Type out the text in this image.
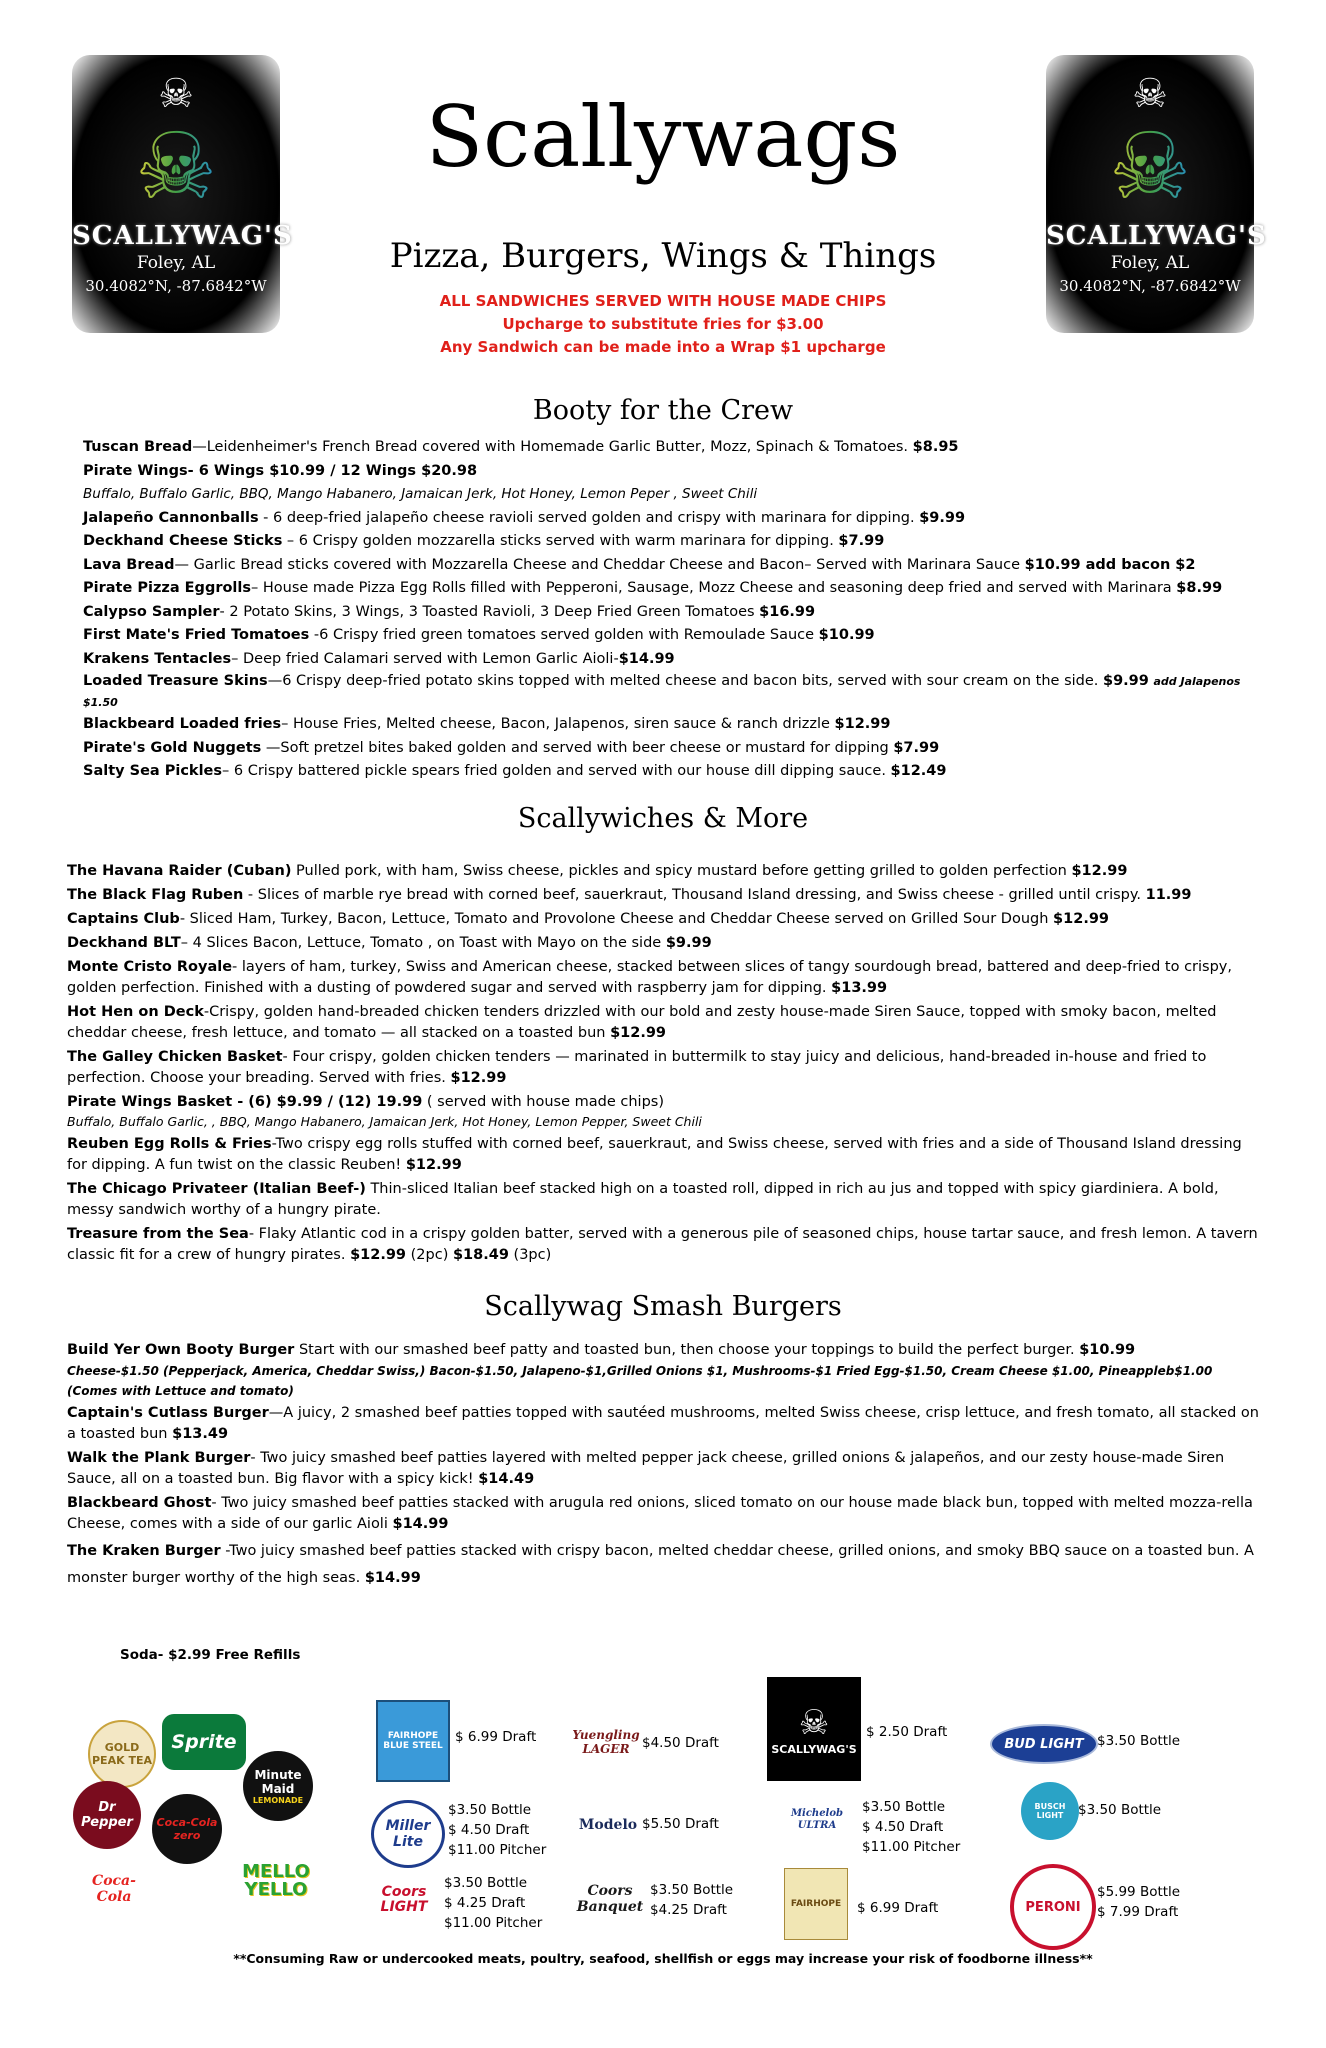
☠
☠
SCALLYWAG'S
Foley, AL
30.4082°N, -87.6842°W
☠
☠
SCALLYWAG'S
Foley, AL
30.4082°N, -87.6842°W
Scallywags
Pizza, Burgers, Wings & Things
ALL SANDWICHES SERVED WITH HOUSE MADE CHIPS
Upcharge to substitute fries for $3.00
Any Sandwich can be made into a Wrap $1 upcharge
Booty for the Crew
Tuscan Bread—Leidenheimer's French Bread covered with Homemade Garlic Butter, Mozz, Spinach & Tomatoes. $8.95
Pirate Wings- 6 Wings $10.99 / 12 Wings $20.98
Buffalo, Buffalo Garlic, BBQ, Mango Habanero, Jamaican Jerk, Hot Honey, Lemon Peper , Sweet Chili
Jalapeño Cannonballs - 6 deep-fried jalapeño cheese ravioli served golden and crispy with marinara for dipping. $9.99
Deckhand Cheese Sticks – 6 Crispy golden mozzarella sticks served with warm marinara for dipping. $7.99
Lava Bread— Garlic Bread sticks covered with Mozzarella Cheese and Cheddar Cheese and Bacon– Served with Marinara Sauce $10.99 add bacon $2
Pirate Pizza Eggrolls– House made Pizza Egg Rolls filled with Pepperoni, Sausage, Mozz Cheese and seasoning deep fried and served with Marinara $8.99
Calypso Sampler- 2 Potato Skins, 3 Wings, 3 Toasted Ravioli, 3 Deep Fried Green Tomatoes $16.99
First Mate's Fried Tomatoes -6 Crispy fried green tomatoes served golden with Remoulade Sauce $10.99
Krakens Tentacles– Deep fried Calamari served with Lemon Garlic Aioli-$14.99
Loaded Treasure Skins—6 Crispy deep-fried potato skins topped with melted cheese and bacon bits, served with sour cream on the side. $9.99 add Jalapenos $1.50
Blackbeard Loaded fries– House Fries, Melted cheese, Bacon, Jalapenos, siren sauce & ranch drizzle $12.99
Pirate's Gold Nuggets —Soft pretzel bites baked golden and served with beer cheese or mustard for dipping $7.99
Salty Sea Pickles– 6 Crispy battered pickle spears fried golden and served with our house dill dipping sauce. $12.49
Scallywiches & More
The Havana Raider (Cuban) Pulled pork, with ham, Swiss cheese, pickles and spicy mustard before getting grilled to golden perfection $12.99
The Black Flag Ruben - Slices of marble rye bread with corned beef, sauerkraut, Thousand Island dressing, and Swiss cheese - grilled until crispy. 11.99
Captains Club- Sliced Ham, Turkey, Bacon, Lettuce, Tomato and Provolone Cheese and Cheddar Cheese served on Grilled Sour Dough $12.99
Deckhand BLT– 4 Slices Bacon, Lettuce, Tomato , on Toast with Mayo on the side $9.99
Monte Cristo Royale- layers of ham, turkey, Swiss and American cheese, stacked between slices of tangy sourdough bread, battered and deep-fried to crispy, golden perfection. Finished with a dusting of powdered sugar and served with raspberry jam for dipping. $13.99
Hot Hen on Deck-Crispy, golden hand-breaded chicken tenders drizzled with our bold and zesty house-made Siren Sauce, topped with smoky bacon, melted cheddar cheese, fresh lettuce, and tomato — all stacked on a toasted bun $12.99
The Galley Chicken Basket- Four crispy, golden chicken tenders — marinated in buttermilk to stay juicy and delicious, hand-breaded in-house and fried to perfection. Choose your breading. Served with fries. $12.99
Pirate Wings Basket - (6) $9.99 / (12) 19.99 ( served with house made chips)
Buffalo, Buffalo Garlic, , BBQ, Mango Habanero, Jamaican Jerk, Hot Honey, Lemon Pepper, Sweet Chili
Reuben Egg Rolls & Fries-Two crispy egg rolls stuffed with corned beef, sauerkraut, and Swiss cheese, served with fries and a side of Thousand Island dressing for dipping. A fun twist on the classic Reuben! $12.99
The Chicago Privateer (Italian Beef-) Thin-sliced Italian beef stacked high on a toasted roll, dipped in rich au jus and topped with spicy giardiniera. A bold, messy sandwich worthy of a hungry pirate.
Treasure from the Sea- Flaky Atlantic cod in a crispy golden batter, served with a generous pile of seasoned chips, house tartar sauce, and fresh lemon. A tavern classic fit for a crew of hungry pirates. $12.99 (2pc) $18.49 (3pc)
Scallywag Smash Burgers
Build Yer Own Booty Burger Start with our smashed beef patty and toasted bun, then choose your toppings to build the perfect burger. $10.99
Cheese-$1.50 (Pepperjack, America, Cheddar Swiss,) Bacon-$1.50, Jalapeno-$1,Grilled Onions $1, Mushrooms-$1 Fried Egg-$1.50, Cream Cheese $1.00, Pineappleb$1.00 (Comes with Lettuce and tomato)
Captain's Cutlass Burger—A juicy, 2 smashed beef patties topped with sautéed mushrooms, melted Swiss cheese, crisp lettuce, and fresh tomato, all stacked on a toasted bun $13.49
Walk the Plank Burger- Two juicy smashed beef patties layered with melted pepper jack cheese, grilled onions & jalapeños, and our zesty house-made Siren Sauce, all on a toasted bun. Big flavor with a spicy kick! $14.49
Blackbeard Ghost- Two juicy smashed beef patties stacked with arugula red onions, sliced tomato on our house made black bun, topped with melted mozza-rella Cheese, comes with a side of our garlic Aioli $14.99
The Kraken Burger -Two juicy smashed beef patties stacked with crispy bacon, melted cheddar cheese, grilled onions, and smoky BBQ sauce on a toasted bun. A monster burger worthy of the high seas. $14.99
Soda- $2.99 Free Refills
GOLD PEAK TEA
Sprite
Minute Maid
LEMONADE
Dr Pepper	Coca-Cola zero
Coca-Cola
MELLO YELLO
FAIRHOPE BLUE STEEL
$ 6.99 Draft
Miller Lite
$3.50 Bottle
$ 4.50 Draft
$11.00 Pitcher
Coors LIGHT
$3.50 Bottle
$ 4.25 Draft
$11.00 Pitcher
Yuengling LAGER $4.50 Draft
Modelo $5.50 Draft
Coors Banquet
$3.50 Bottle
$4.25 Draft
☠
SCALLYWAG'S
$ 2.50 Draft
Michelob ULTRA
$3.50 Bottle
$ 4.50 Draft
$11.00 Pitcher
FAIRHOPE	$ 6.99 Draft
BUD LIGHT $3.50 Bottle
BUSCH LIGHT	$3.50 Bottle
PERONI
$5.99 Bottle
$ 7.99 Draft
**Consuming Raw or undercooked meats, poultry, seafood, shellfish or eggs may increase your risk of foodborne illness**
